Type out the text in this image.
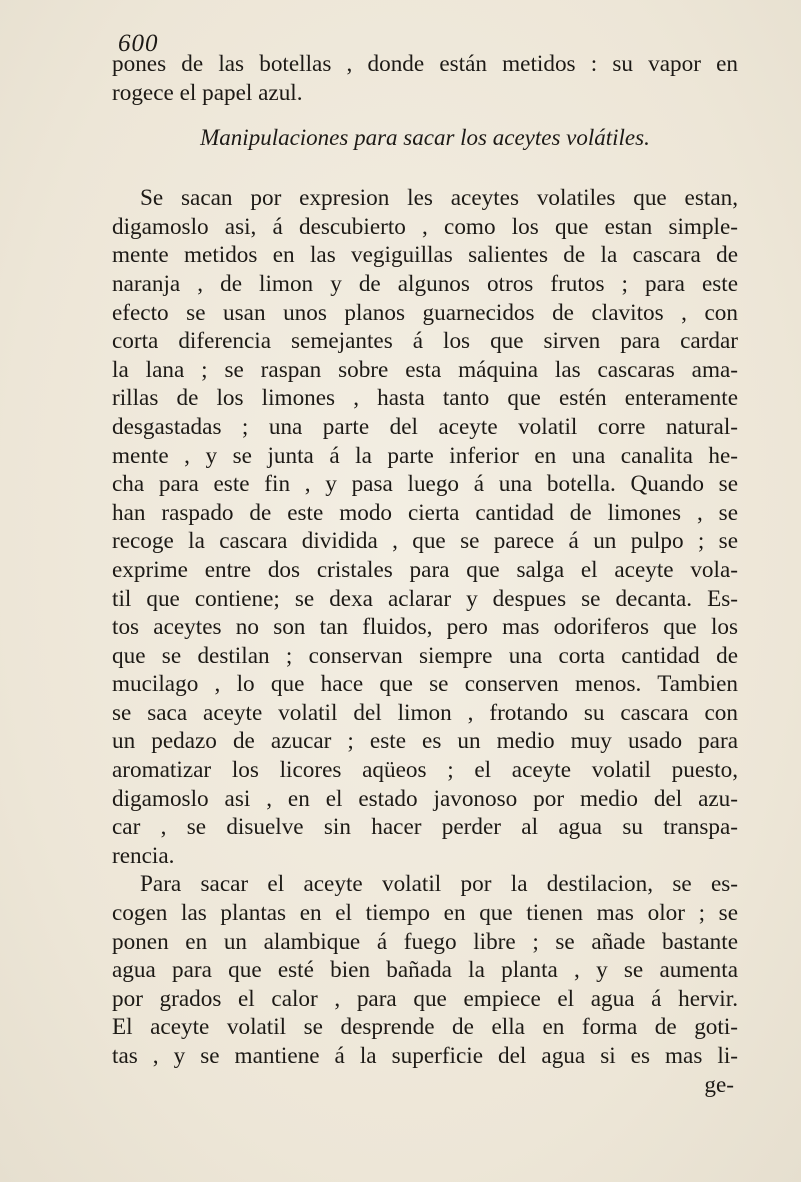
600
pones de las botellas , donde están metidos : su vapor en
rogece el papel azul.
Manipulaciones para sacar los aceytes volátiles.
Se sacan por expresion les aceytes volatiles que estan,
digamoslo asi, á descubierto , como los que estan simple-
mente metidos en las vegiguillas salientes de la cascara de
naranja , de limon y de algunos otros frutos ; para este
efecto se usan unos planos guarnecidos de clavitos , con
corta diferencia semejantes á los que sirven para cardar
la lana ; se raspan sobre esta máquina las cascaras ama-
rillas de los limones , hasta tanto que estén enteramente
desgastadas ; una parte del aceyte volatil corre natural-
mente , y se junta á la parte inferior en una canalita he-
cha para este fin , y pasa luego á una botella. Quando se
han raspado de este modo cierta cantidad de limones , se
recoge la cascara dividida , que se parece á un pulpo ; se
exprime entre dos cristales para que salga el aceyte vola-
til que contiene; se dexa aclarar y despues se decanta. Es-
tos aceytes no son tan fluidos, pero mas odoriferos que los
que se destilan ; conservan siempre una corta cantidad de
mucilago , lo que hace que se conserven menos. Tambien
se saca aceyte volatil del limon , frotando su cascara con
un pedazo de azucar ; este es un medio muy usado para
aromatizar los licores aqüeos ; el aceyte volatil puesto,
digamoslo asi , en el estado javonoso por medio del azu-
car , se disuelve sin hacer perder al agua su transpa-
rencia.
Para sacar el aceyte volatil por la destilacion, se es-
cogen las plantas en el tiempo en que tienen mas olor ; se
ponen en un alambique á fuego libre ; se añade bastante
agua para que esté bien bañada la planta , y se aumenta
por grados el calor , para que empiece el agua á hervir.
El aceyte volatil se desprende de ella en forma de goti-
tas , y se mantiene á la superficie del agua si es mas li-
ge-
